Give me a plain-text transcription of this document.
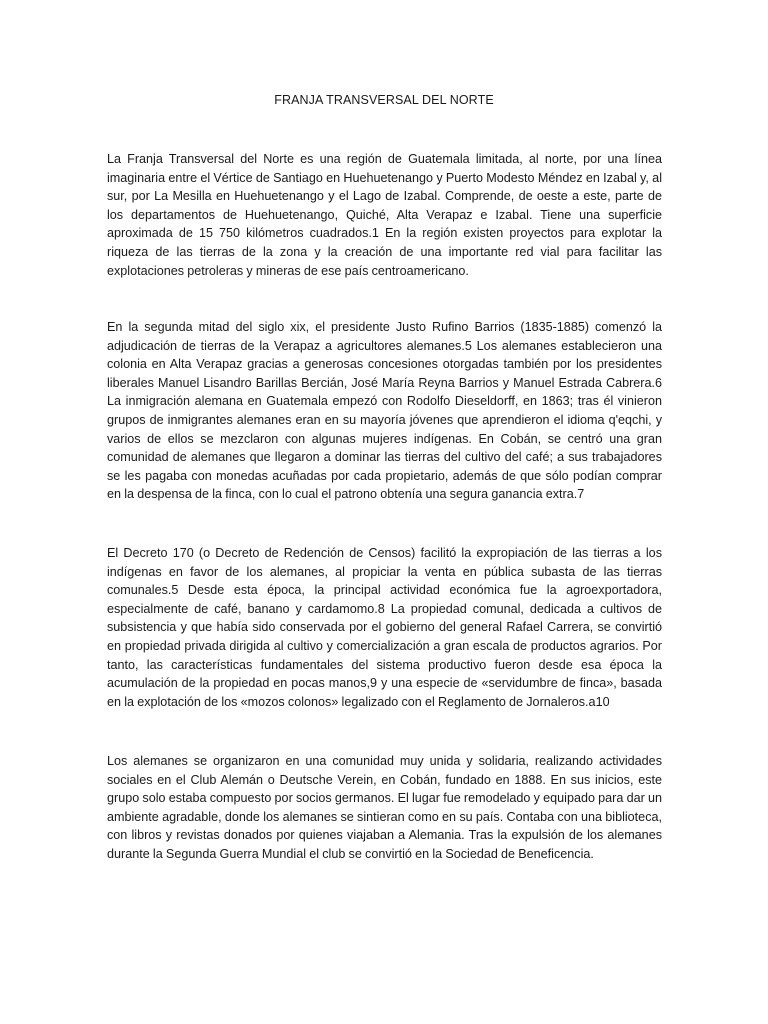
FRANJA TRANSVERSAL DEL NORTE

La Franja Transversal del Norte es una región de Guatemala limitada, al norte, por una línea imaginaria entre el Vértice de Santiago en Huehuetenango y Puerto Modesto Méndez en Izabal y, al sur, por La Mesilla en Huehuetenango y el Lago de Izabal. Comprende, de oeste a este, parte de los departamentos de Huehuetenango, Quiché, Alta Verapaz e Izabal. Tiene una superficie aproximada de 15 750 kilómetros cuadrados.1 En la región existen proyectos para explotar la riqueza de las tierras de la zona y la creación de una importante red vial para facilitar las explotaciones petroleras y mineras de ese país centroamericano.

En la segunda mitad del siglo xix, el presidente Justo Rufino Barrios (1835-1885) comenzó la adjudicación de tierras de la Verapaz a agricultores alemanes.5 Los alemanes establecieron una colonia en Alta Verapaz gracias a generosas concesiones otorgadas también por los presidentes liberales Manuel Lisandro Barillas Bercián, José María Reyna Barrios y Manuel Estrada Cabrera.6 La inmigración alemana en Guatemala empezó con Rodolfo Dieseldorff, en 1863; tras él vinieron grupos de inmigrantes alemanes eran en su mayoría jóvenes que aprendieron el idioma q'eqchi, y varios de ellos se mezclaron con algunas mujeres indígenas. En Cobán, se centró una gran comunidad de alemanes que llegaron a dominar las tierras del cultivo del café; a sus trabajadores se les pagaba con monedas acuñadas por cada propietario, además de que sólo podían comprar en la despensa de la finca, con lo cual el patrono obtenía una segura ganancia extra.7

El Decreto 170 (o Decreto de Redención de Censos) facilitó la expropiación de las tierras a los indígenas en favor de los alemanes, al propiciar la venta en pública subasta de las tierras comunales.5 Desde esta época, la principal actividad económica fue la agroexportadora, especialmente de café, banano y cardamomo.8 La propiedad comunal, dedicada a cultivos de subsistencia y que había sido conservada por el gobierno del general Rafael Carrera, se convirtió en propiedad privada dirigida al cultivo y comercialización a gran escala de productos agrarios. Por tanto, las características fundamentales del sistema productivo fueron desde esa época la acumulación de la propiedad en pocas manos,9 y una especie de «servidumbre de finca», basada en la explotación de los «mozos colonos» legalizado con el Reglamento de Jornaleros.a10

Los alemanes se organizaron en una comunidad muy unida y solidaria, realizando actividades sociales en el Club Alemán o Deutsche Verein, en Cobán, fundado en 1888. En sus inicios, este grupo solo estaba compuesto por socios germanos. El lugar fue remodelado y equipado para dar un ambiente agradable, donde los alemanes se sintieran como en su país. Contaba con una biblioteca, con libros y revistas donados por quienes viajaban a Alemania. Tras la expulsión de los alemanes durante la Segunda Guerra Mundial el club se convirtió en la Sociedad de Beneficencia.
